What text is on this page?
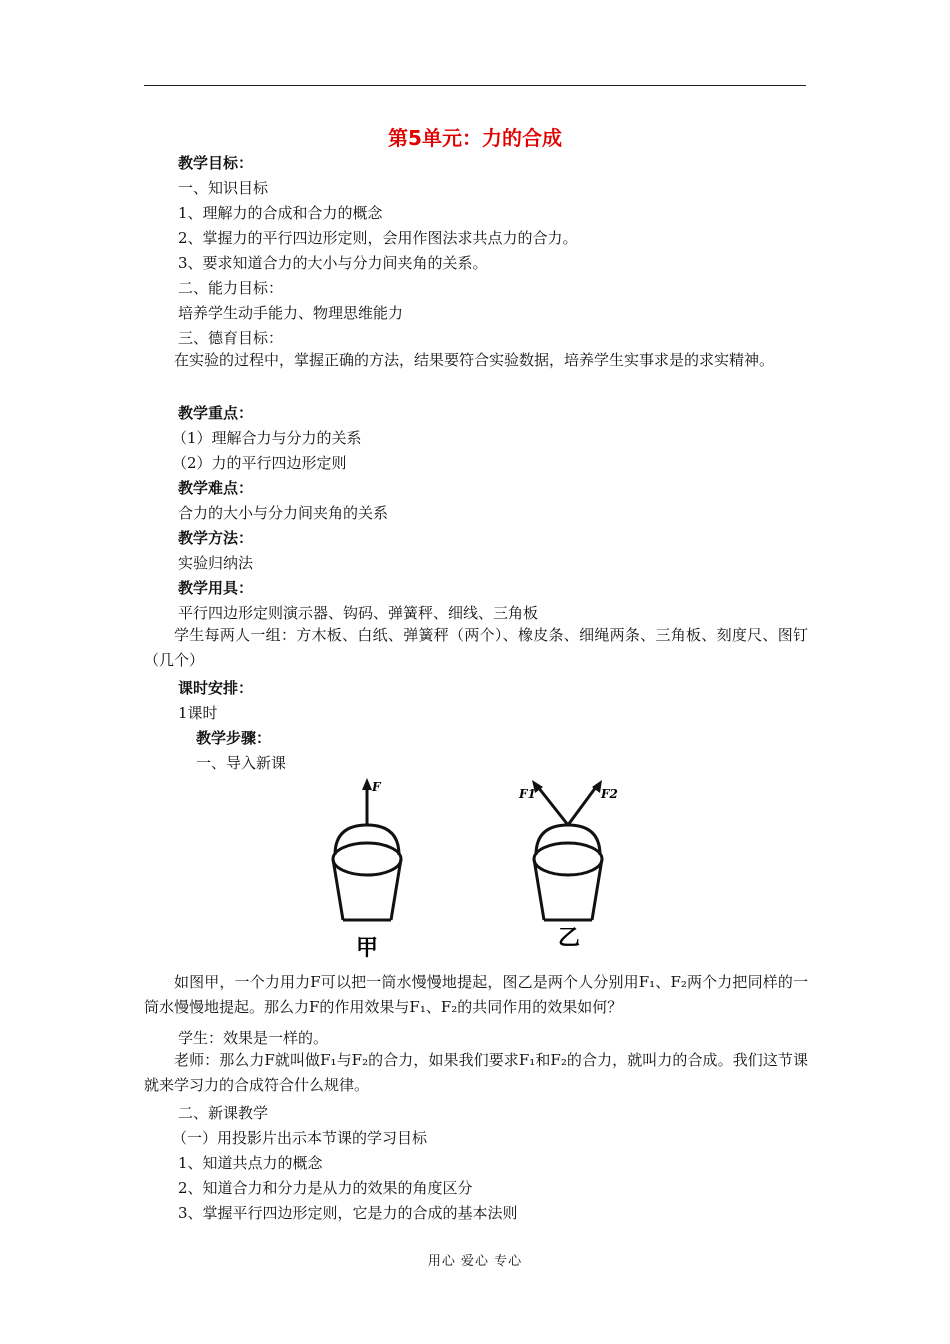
第5单元：力的合成
教学目标：
一、知识目标
1、理解力的合成和合力的概念
2、掌握力的平行四边形定则，会用作图法求共点力的合力。
3、要求知道合力的大小与分力间夹角的关系。
二、能力目标：
培养学生动手能力、物理思维能力
三、德育目标：
在实验的过程中，掌握正确的方法，结果要符合实验数据，培养学生实事求是的求实精神。
教学重点：
（1）理解合力与分力的关系
（2）力的平行四边形定则
教学难点：
合力的大小与分力间夹角的关系
教学方法：
实验归纳法
教学用具：
平行四边形定则演示器、钩码、弹簧秤、细线、三角板
学生每两人一组：方木板、白纸、弹簧秤（两个）、橡皮条、细绳两条、三角板、刻度尺、图钉（几个）
课时安排：
1课时
教学步骤：
一、导入新课
F
甲
F1	F2
乙
如图甲，一个力用力F可以把一筒水慢慢地提起，图乙是两个人分别用F₁、F₂两个力把同样的一筒水慢慢地提起。那么力F的作用效果与F₁、F₂的共同作用的效果如何？
学生：效果是一样的。
老师：那么力F就叫做F₁与F₂的合力，如果我们要求F₁和F₂的合力，就叫力的合成。我们这节课就来学习力的合成符合什么规律。
二、新课教学
（一）用投影片出示本节课的学习目标
1、知道共点力的概念
2、知道合力和分力是从力的效果的角度区分
3、掌握平行四边形定则，它是力的合成的基本法则
用心 爱心 专心
